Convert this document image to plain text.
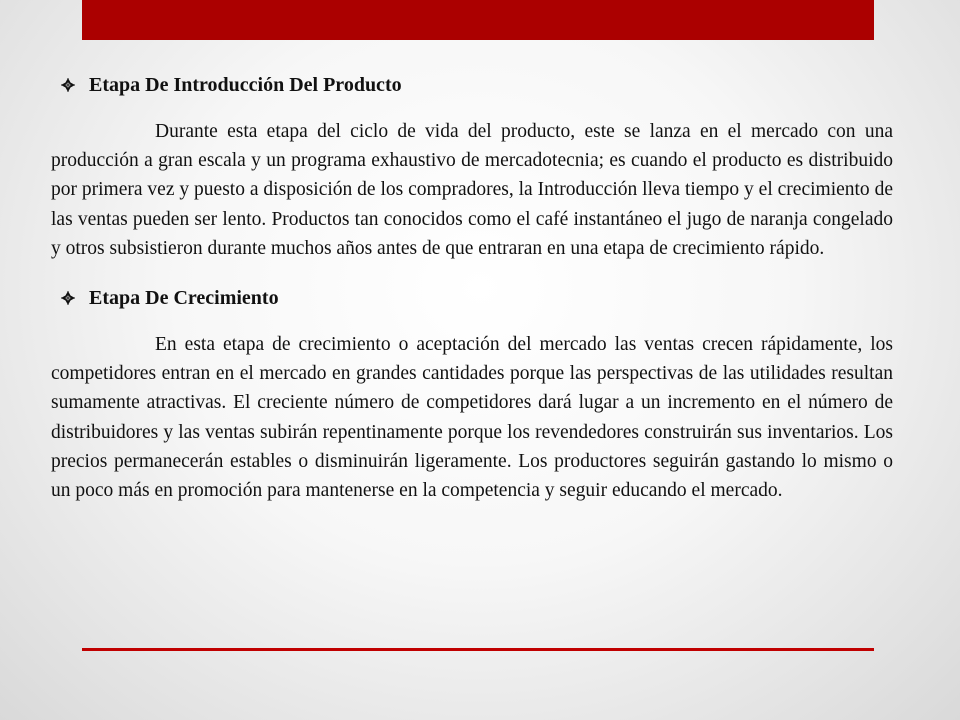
Etapa De Introducción Del Producto

Durante esta etapa del ciclo de vida del producto, este se lanza en el mercado con una producción a gran escala y un programa exhaustivo de mercadotecnia; es cuando el producto es distribuido por primera vez y puesto a disposición de los compradores, la Introducción lleva tiempo y el crecimiento de las ventas pueden ser lento. Productos tan conocidos como el café instantáneo el jugo de naranja congelado y otros subsistieron durante muchos años antes de que entraran en una etapa de crecimiento rápido.

Etapa De Crecimiento

En esta etapa de crecimiento o aceptación del mercado las ventas crecen rápidamente, los competidores entran en el mercado en grandes cantidades porque las perspectivas de las utilidades resultan sumamente atractivas. El creciente número de competidores dará lugar a un incremento en el número de distribuidores y las ventas subirán repentinamente porque los revendedores construirán sus inventarios. Los precios permanecerán estables o disminuirán ligeramente. Los productores seguirán gastando lo mismo o un poco más en promoción para mantenerse en la competencia y seguir educando el mercado.
